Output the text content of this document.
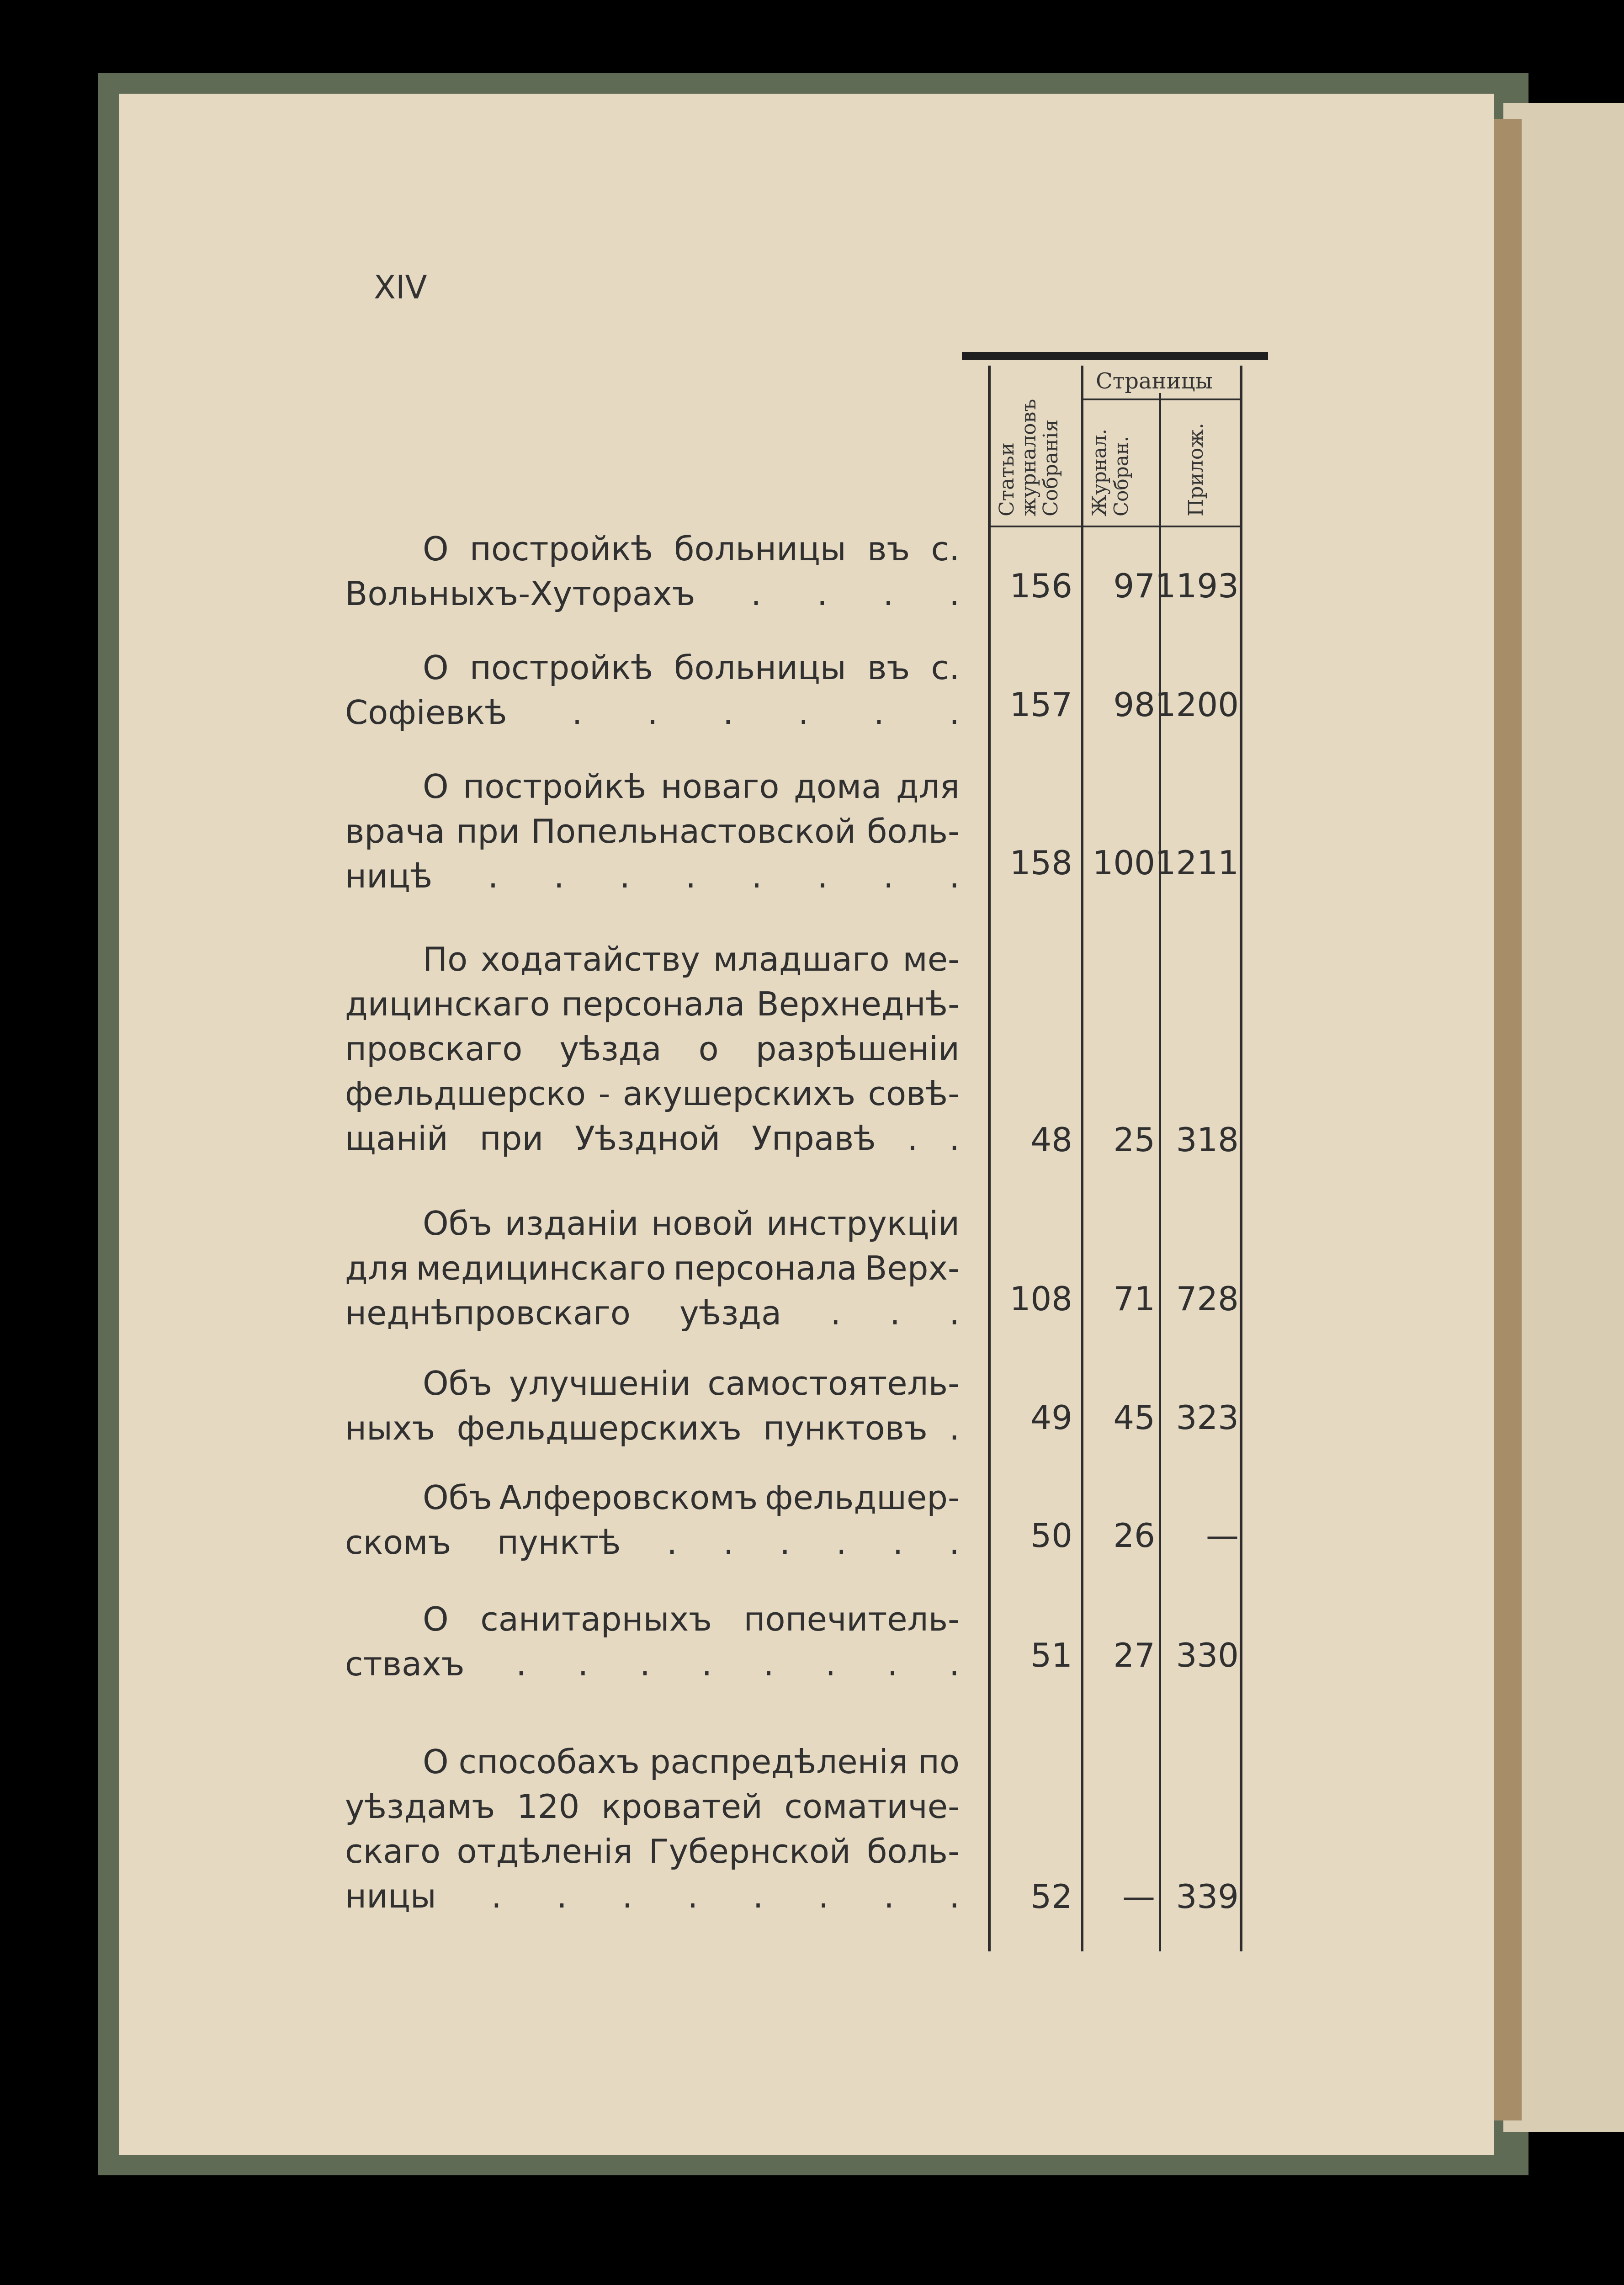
XIV
Страницы
Статьи
журналовъ
Собранія Журнал.
Собран.	Прилож.
О постройкѣ больницы въ с.
Вольныхъ-Хуторахъ . . . . 156 97 1193
О постройкѣ больницы въ с.
Софіевкѣ . . . . . . 157 98 1200
О постройкѣ новаго дома для
врача при Попельнастовской боль-
ницѣ . . . . . . . . 158 100 1211
По ходатайству младшаго ме-
дицинскаго персонала Верхнеднѣ-
провскаго уѣзда о разрѣшеніи
фельдшерско - акушерскихъ совѣ-
щаній при Уѣздной Управѣ . . 48 25 318
Объ изданіи новой инструкціи
для медицинскаго персонала Верх-
неднѣпровскаго уѣзда . . . 108 71 728
Объ улучшеніи самостоятель-
ныхъ фельдшерскихъ пунктовъ . 49 45 323
Объ Алферовскомъ фельдшер-
скомъ пунктѣ . . . . . . 50 26 —
О санитарныхъ попечитель-
ствахъ . . . . . . . . 51 27 330
О способахъ распредѣленія по
уѣздамъ 120 кроватей соматиче-
скаго отдѣленія Губернской боль-
ницы . . . . . . . . 52 — 339
